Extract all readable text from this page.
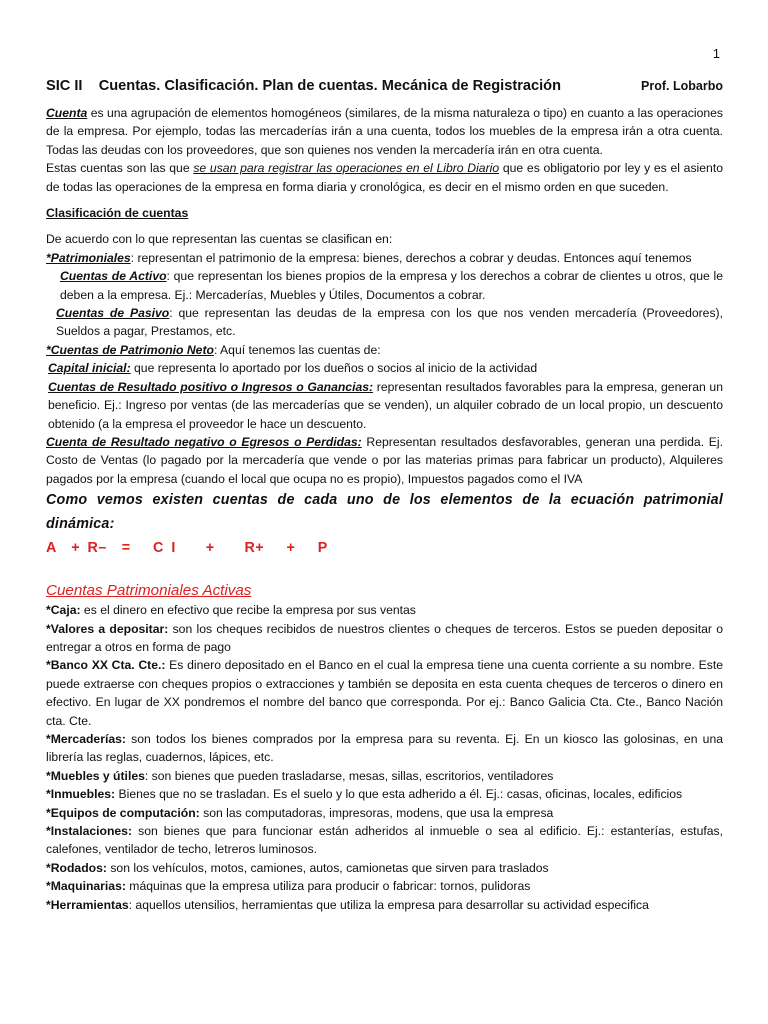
1
SIC II    Cuentas. Clasificación. Plan de cuentas. Mecánica de Registración	Prof. Lobarbo

Cuenta es una agrupación de elementos homogéneos (similares, de la misma naturaleza o tipo) en cuanto a las operaciones de la empresa. Por ejemplo, todas las mercaderías irán a una cuenta, todos los muebles de la empresa irán a otra cuenta. Todas las deudas con los proveedores, que son quienes nos venden la mercadería irán en otra cuenta.

Estas cuentas son las que se usan para registrar las operaciones en el Libro Diario que es obligatorio por ley y es el asiento de todas las operaciones de la empresa en forma diaria y cronológica, es decir en el mismo orden en que suceden.

Clasificación de cuentas

De acuerdo con lo que representan las cuentas se clasifican en:

*Patrimoniales: representan el patrimonio de la empresa: bienes, derechos a cobrar y deudas. Entonces aquí tenemos

Cuentas de Activo: que representan los bienes propios de la empresa y los derechos a cobrar de clientes u otros, que le deben a la empresa. Ej.: Mercaderías, Muebles y Útiles, Documentos a cobrar.

Cuentas de Pasivo: que representan las deudas de la empresa con los que nos venden mercadería (Proveedores), Sueldos a pagar, Prestamos, etc.

*Cuentas de Patrimonio Neto: Aquí tenemos las cuentas de:

Capital inicial: que representa lo aportado por los dueños o socios al inicio de la actividad

Cuentas de Resultado positivo o Ingresos o Ganancias: representan resultados favorables para la empresa, generan un beneficio. Ej.: Ingreso por ventas (de las mercaderías que se venden), un alquiler cobrado de un local propio, un descuento obtenido (a la empresa el proveedor le hace un descuento.

Cuenta de Resultado negativo o Egresos o Perdidas: Representan resultados desfavorables, generan una perdida. Ej. Costo de Ventas (lo pagado por la mercadería que vende o por las materias primas para fabricar un producto), Alquileres pagados por la empresa (cuando el local que ocupa no es propio), Impuestos pagados como el IVA

Como vemos existen cuentas de cada uno de los elementos de la ecuación patrimonial dinámica:

A  + R–  =   C I    +    R+   +   P
Cuentas Patrimoniales Activas

*Caja: es el dinero en efectivo que recibe la empresa por sus ventas

*Valores a depositar: son los cheques recibidos de nuestros clientes o cheques de terceros. Estos se pueden depositar o entregar a otros en forma de pago

*Banco XX Cta. Cte.: Es dinero depositado en el Banco en el cual la empresa tiene una cuenta corriente a su nombre. Este puede extraerse con cheques propios o extracciones y también se deposita en esta cuenta cheques de terceros o dinero en efectivo. En lugar de XX pondremos el nombre del banco que corresponda. Por ej.: Banco Galicia Cta. Cte., Banco Nación cta. Cte.

*Mercaderías: son todos los bienes comprados por la empresa para su reventa. Ej. En un kiosco las golosinas, en una librería las reglas, cuadernos, lápices, etc.

*Muebles y útiles: son bienes que pueden trasladarse, mesas, sillas, escritorios, ventiladores

*Inmuebles: Bienes que no se trasladan. Es el suelo y lo que esta adherido a él. Ej.: casas, oficinas, locales, edificios

*Equipos de computación: son las computadoras, impresoras, modens, que usa la empresa

*Instalaciones: son bienes que para funcionar están adheridos al inmueble o sea al edificio. Ej.: estanterías, estufas, calefones, ventilador de techo, letreros luminosos.

*Rodados: son los vehículos, motos, camiones, autos, camionetas que sirven para traslados

*Maquinarias: máquinas que la empresa utiliza para producir o fabricar: tornos, pulidoras

*Herramientas: aquellos utensilios, herramientas que utiliza la empresa para desarrollar su actividad especifica
